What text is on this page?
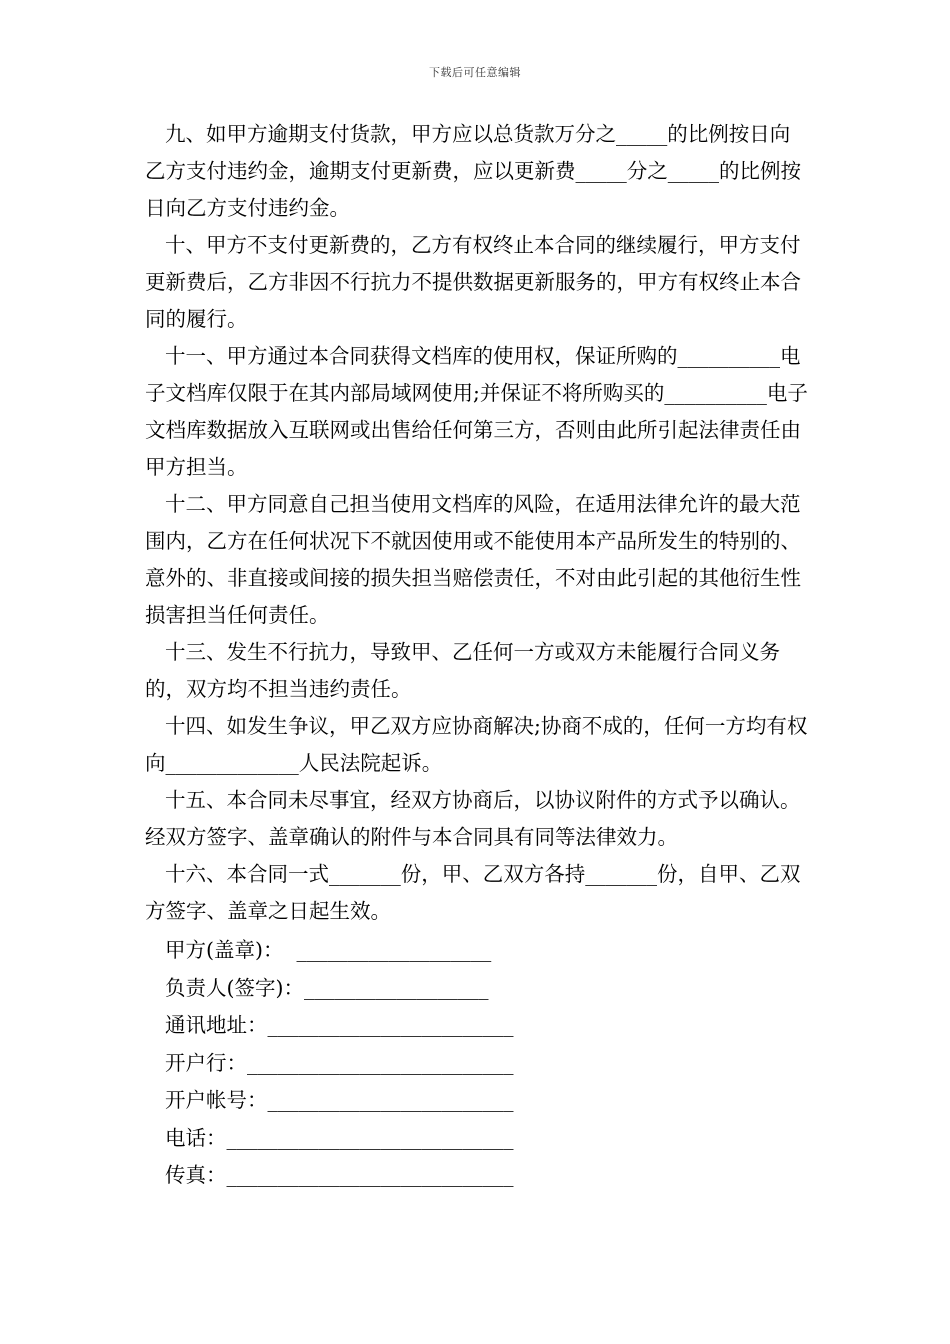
下载后可任意编辑

九、如甲方逾期支付货款，甲方应以总货款万分之_____的比例按日向乙方支付违约金，逾期支付更新费，应以更新费_____分之_____的比例按日向乙方支付违约金。

十、甲方不支付更新费的，乙方有权终止本合同的继续履行，甲方支付更新费后，乙方非因不行抗力不提供数据更新服务的，甲方有权终止本合同的履行。

十一、甲方通过本合同获得文档库的使用权，保证所购的__________电子文档库仅限于在其内部局域网使用;并保证不将所购买的__________电子文档库数据放入互联网或出售给任何第三方，否则由此所引起法律责任由甲方担当。

十二、甲方同意自己担当使用文档库的风险，在适用法律允许的最大范围内，乙方在任何状况下不就因使用或不能使用本产品所发生的特别的、意外的、非直接或间接的损失担当赔偿责任，不对由此引起的其他衍生性损害担当任何责任。

十三、发生不行抗力，导致甲、乙任何一方或双方未能履行合同义务的，双方均不担当违约责任。

十四、如发生争议，甲乙双方应协商解决;协商不成的，任何一方均有权向_____________人民法院起诉。

十五、本合同未尽事宜，经双方协商后，以协议附件的方式予以确认。经双方签字、盖章确认的附件与本合同具有同等法律效力。

十六、本合同一式_______份，甲、乙双方各持_______份，自甲、乙双方签字、盖章之日起生效。

甲方(盖章)：  ___________________
负责人(签字)：__________________
通讯地址：________________________
开户行：__________________________
开户帐号：________________________
电话：____________________________
传真：____________________________
